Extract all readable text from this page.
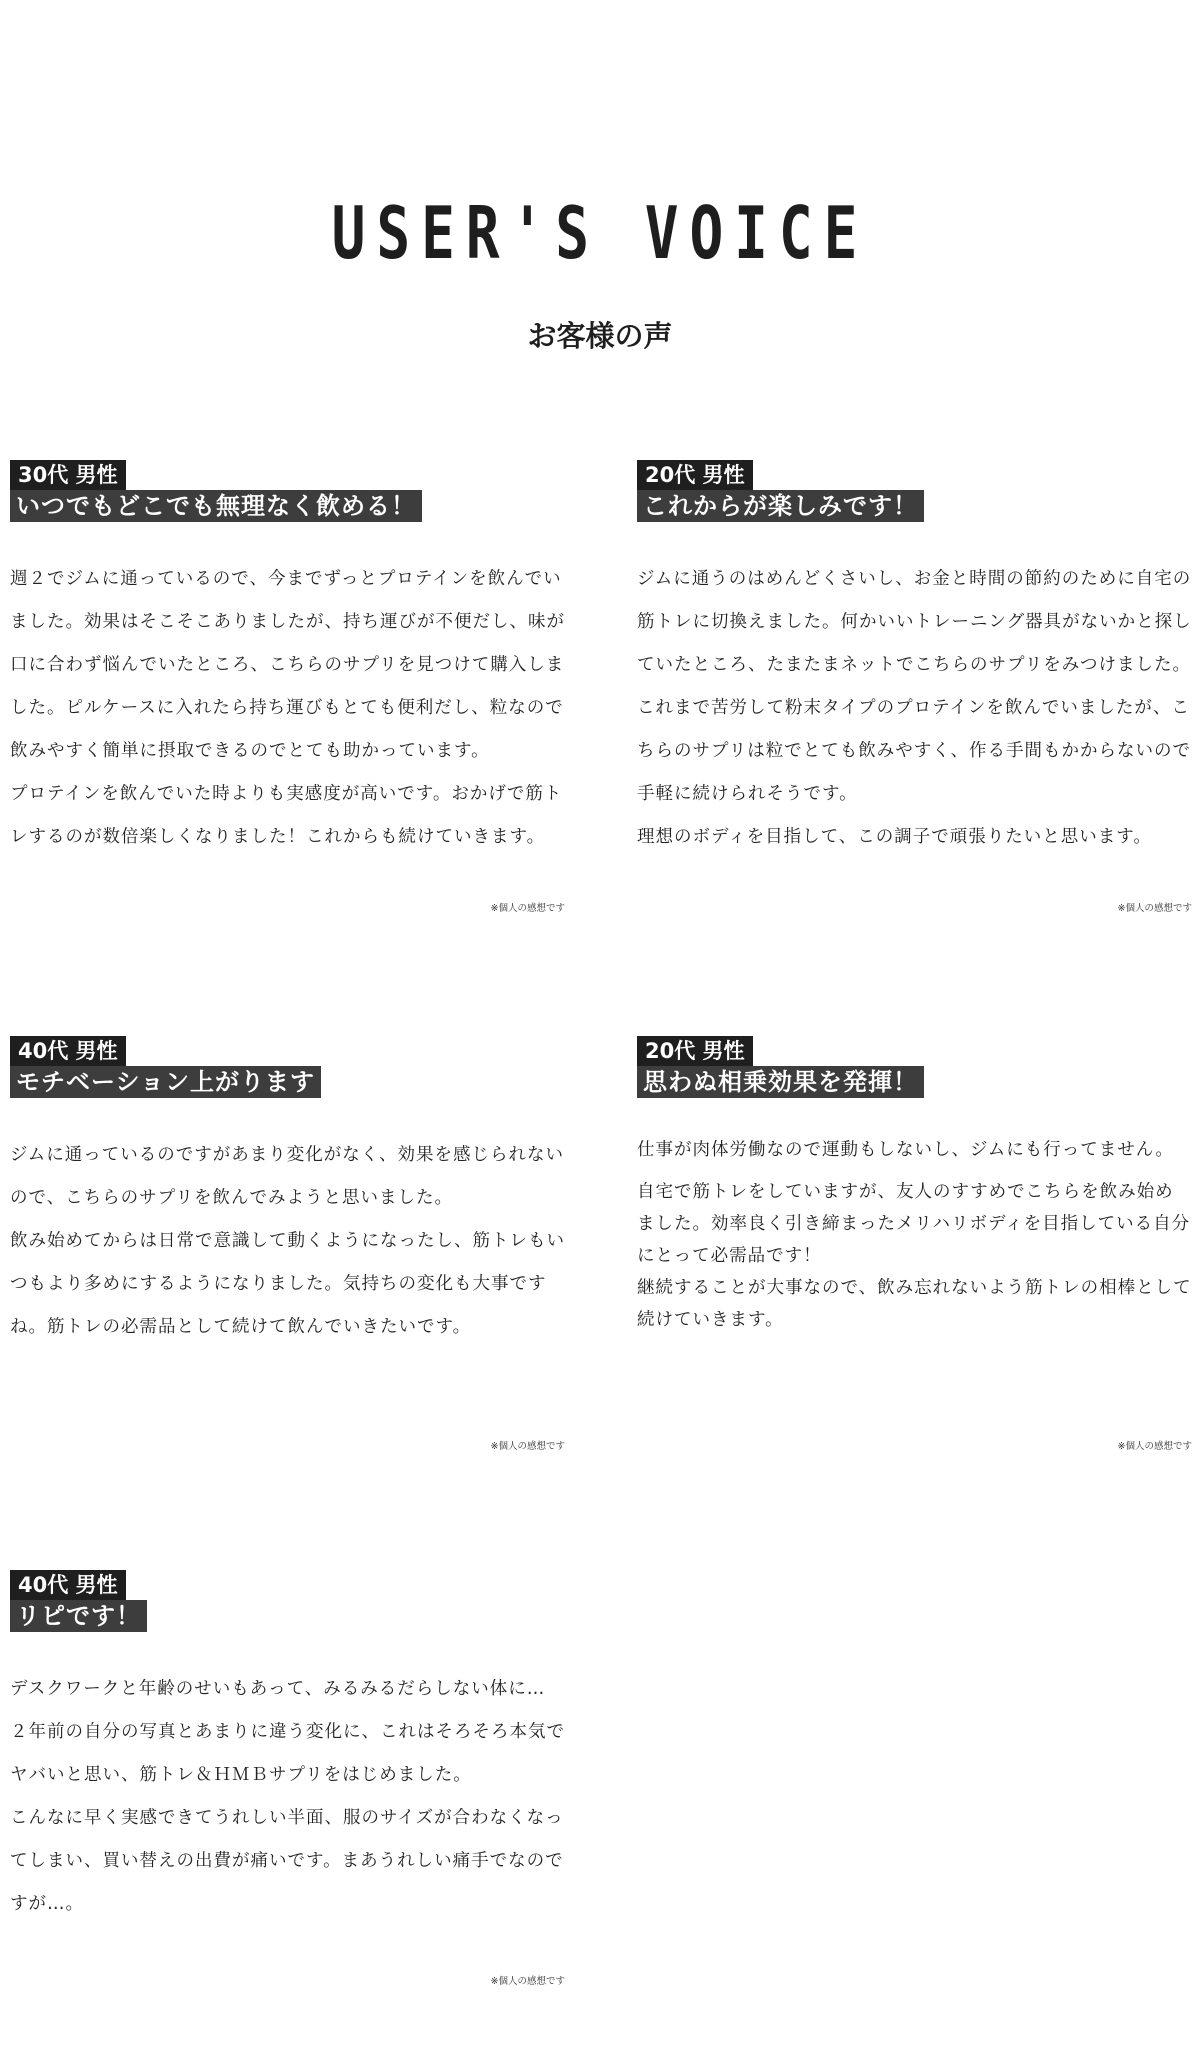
USER'S VOICE
お客様の声
30代 男性
いつでもどこでも無理なく飲める！

週２でジムに通っているので、今までずっとプロテインを飲んでいました。効果はそこそこありましたが、持ち運びが不便だし、味が口に合わず悩んでいたところ、こちらのサプリを見つけて購入しました。ピルケースに入れたら持ち運びもとても便利だし、粒なので飲みやすく簡単に摂取できるのでとても助かっています。

プロテインを飲んでいた時よりも実感度が高いです。おかげで筋トレするのが数倍楽しくなりました！これからも続けていきます。

※個人の感想です
20代 男性
これからが楽しみです！

ジムに通うのはめんどくさいし、お金と時間の節約のために自宅の筋トレに切換えました。何かいいトレーニング器具がないかと探していたところ、たまたまネットでこちらのサプリをみつけました。

これまで苦労して粉末タイプのプロテインを飲んでいましたが、こちらのサプリは粒でとても飲みやすく、作る手間もかからないので手軽に続けられそうです。

理想のボディを目指して、この調子で頑張りたいと思います。

※個人の感想です
40代 男性
モチベーション上がります

ジムに通っているのですがあまり変化がなく、効果を感じられないので、こちらのサプリを飲んでみようと思いました。

飲み始めてからは日常で意識して動くようになったし、筋トレもいつもより多めにするようになりました。気持ちの変化も大事ですね。筋トレの必需品として続けて飲んでいきたいです。

※個人の感想です
20代 男性
思わぬ相乗効果を発揮！

仕事が肉体労働なので運動もしないし、ジムにも行ってません。

自宅で筋トレをしていますが、友人のすすめでこちらを飲み始めました。効率良く引き締まったメリハリボディを目指している自分にとって必需品です！

継続することが大事なので、飲み忘れないよう筋トレの相棒として続けていきます。

※個人の感想です
40代 男性
リピです！

デスクワークと年齢のせいもあって、みるみるだらしない体に…

２年前の自分の写真とあまりに違う変化に、これはそろそろ本気でヤバいと思い、筋トレ＆ＨＭＢサプリをはじめました。

こんなに早く実感できてうれしい半面、服のサイズが合わなくなってしまい、買い替えの出費が痛いです。まあうれしい痛手でなのですが…。

※個人の感想です
